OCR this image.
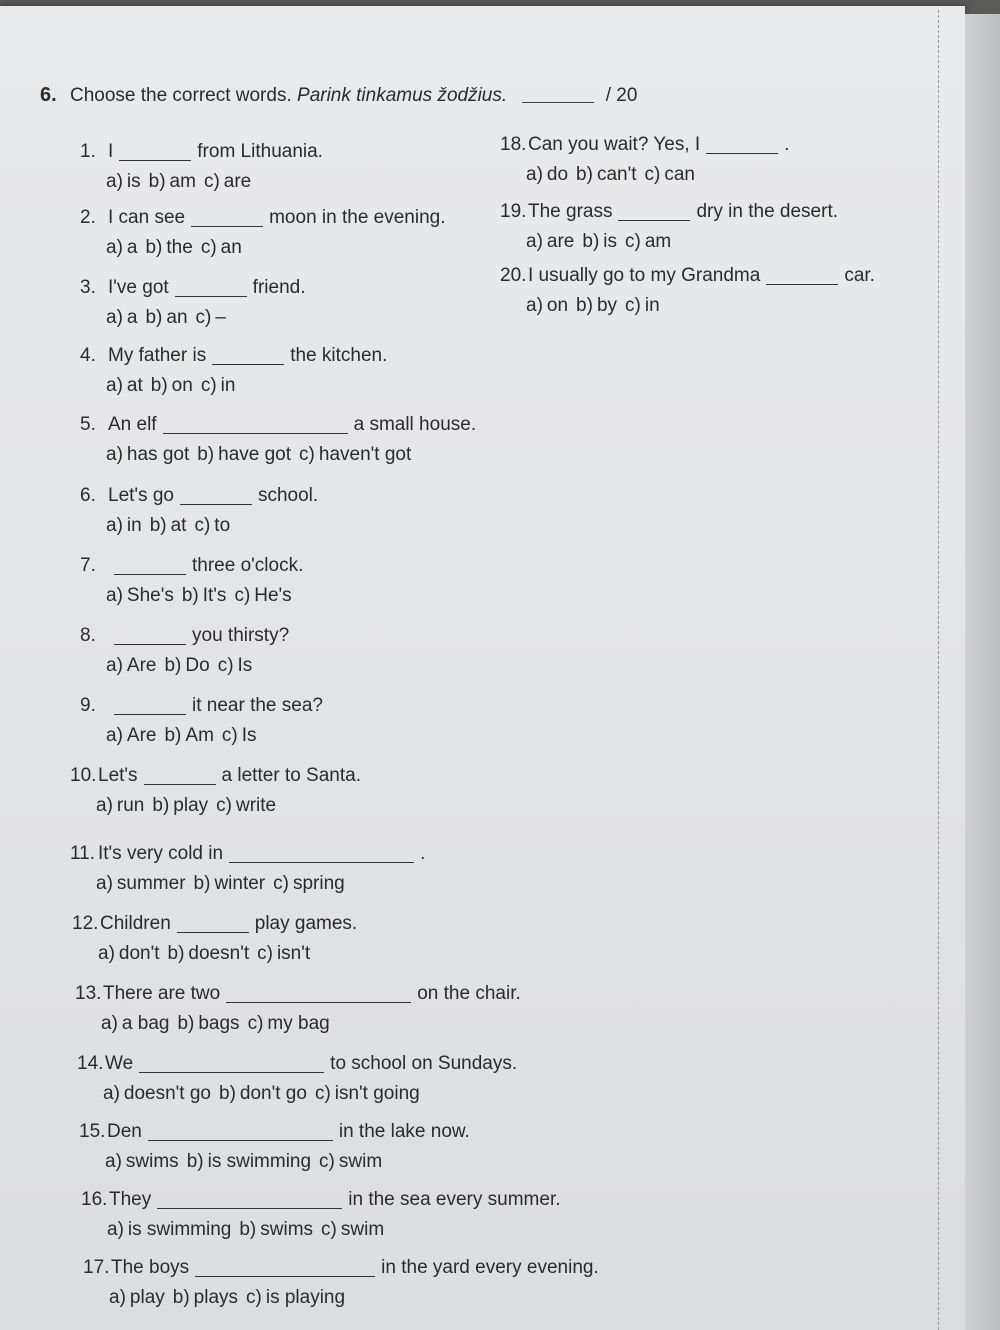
6. Choose the correct words. Parink tinkamus žodžius.	/ 20
1. I	from Lithuania.
a) is b) am c) are
2. I can see	moon in the evening.
a) a b) the c) an
3. I've got	friend.
a) a b) an c) –
4. My father is	the kitchen.
a) at b) on c) in
5. An elf	a small house.
a) has got b) have got c) haven't got
6. Let's go	school.
a) in b) at c) to
7.	three o'clock.
a) She's b) It's c) He's
8.	you thirsty?
a) Are b) Do c) Is
9.	it near the sea?
a) Are b) Am c) Is
10.Let's	a letter to Santa.
a) run b) play c) write
11. It's very cold in	.
a) summer b) winter c) spring
12.Children	play games.
a) don't b) doesn't c) isn't
13.There are two	on the chair.
a) a bag b) bags c) my bag
14.We	to school on Sundays.
a) doesn't go b) don't go c) isn't going
15.Den	in the lake now.
a) swims b) is swimming c) swim
16.They	in the sea every summer.
a) is swimming b) swims c) swim
17.The boys	in the yard every evening.
a) play b) plays c) is playing
18.Can you wait? Yes, I	.
a) do b) can't c) can
19.The grass	dry in the desert.
a) are b) is c) am
20.I usually go to my Grandma	car.
a) on b) by c) in
